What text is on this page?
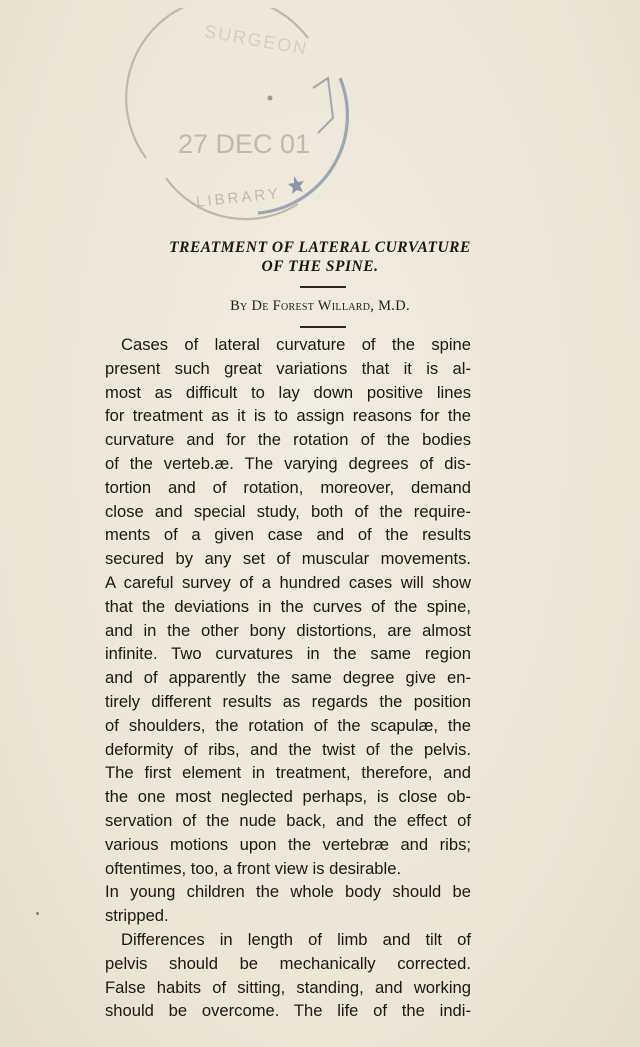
27 DEC 01
LIBRARY
SURGEON
TREATMENT OF LATERAL CURVATURE
OF THE SPINE.
By De Forest Willard, M.D.
Cases of lateral curvature of the spine
present such great variations that it is al-
most as difficult to lay down positive lines
for treatment as it is to assign reasons for the
curvature and for the rotation of the bodies
of the verteb.æ. The varying degrees of dis-
tortion and of rotation, moreover, demand
close and special study, both of the require-
ments of a given case and of the results
secured by any set of muscular movements.
A careful survey of a hundred cases will show
that the deviations in the curves of the spine,
and in the other bony distortions, are almost
infinite. Two curvatures in the same region
and of apparently the same degree give en-
tirely different results as regards the position
of shoulders, the rotation of the scapulæ, the
deformity of ribs, and the twist of the pelvis.
The first element in treatment, therefore, and
the one most neglected perhaps, is close ob-
servation of the nude back, and the effect of
various motions upon the vertebræ and ribs;
oftentimes, too, a front view is desirable.
In young children the whole body should be
stripped.
Differences in length of limb and tilt of
pelvis should be mechanically corrected.
False habits of sitting, standing, and working
should be overcome. The life of the indi-
